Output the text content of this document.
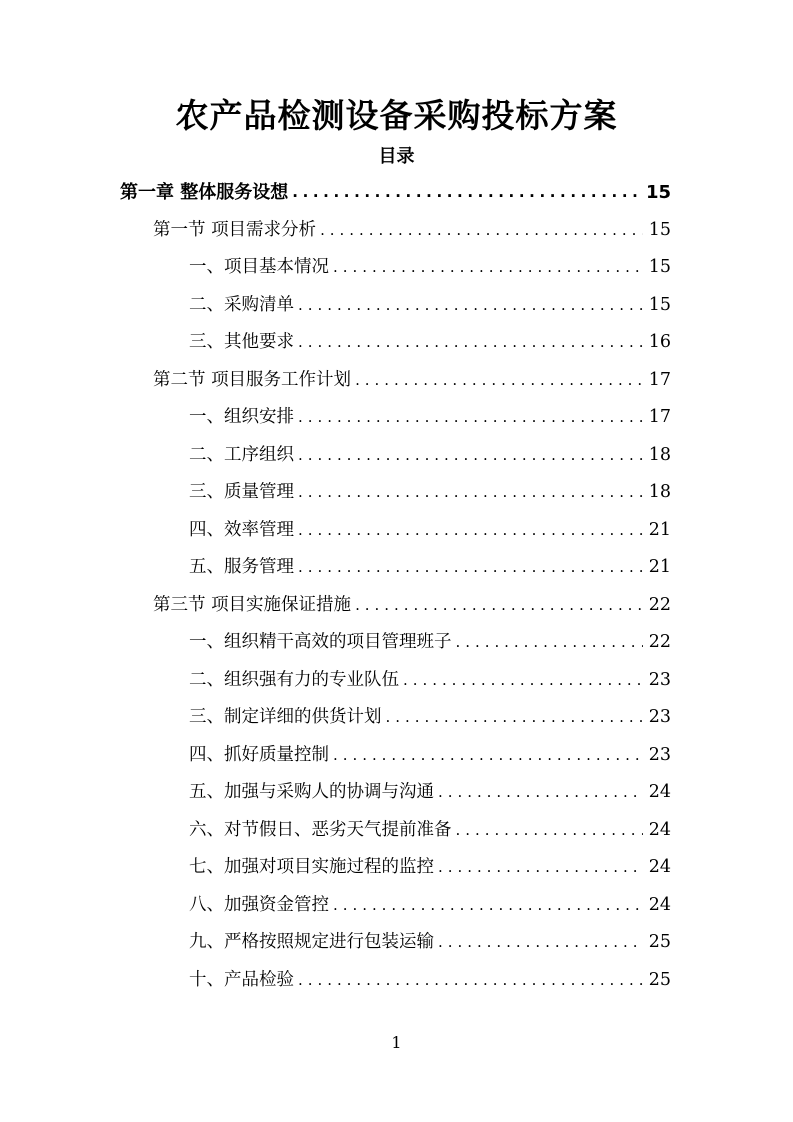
农产品检测设备采购投标方案
目录
第一章 整体服务设想 .....	15
第一节 项目需求分析 . . .	15
一、项目基本情况 . . .	15
二、采购清单 . . .	15
三、其他要求 . . .	16
第二节 项目服务工作计划 . . .	17
一、组织安排 . . .	17
二、工序组织 . . .	18
三、质量管理 . . .	18
四、效率管理 . . .	21
五、服务管理 . . .	21
第三节 项目实施保证措施 . . .	22
一、组织精干高效的项目管理班子 . . .	22
二、组织强有力的专业队伍 . . .	23
三、制定详细的供货计划 . . .	23
四、抓好质量控制 . . .	23
五、加强与采购人的协调与沟通 . . .	24
六、对节假日、恶劣天气提前准备 . . .	24
七、加强对项目实施过程的监控 . . .	24
八、加强资金管控 . . .	24
九、严格按照规定进行包装运输 . . .	25
十、产品检验 . . .	25
1
